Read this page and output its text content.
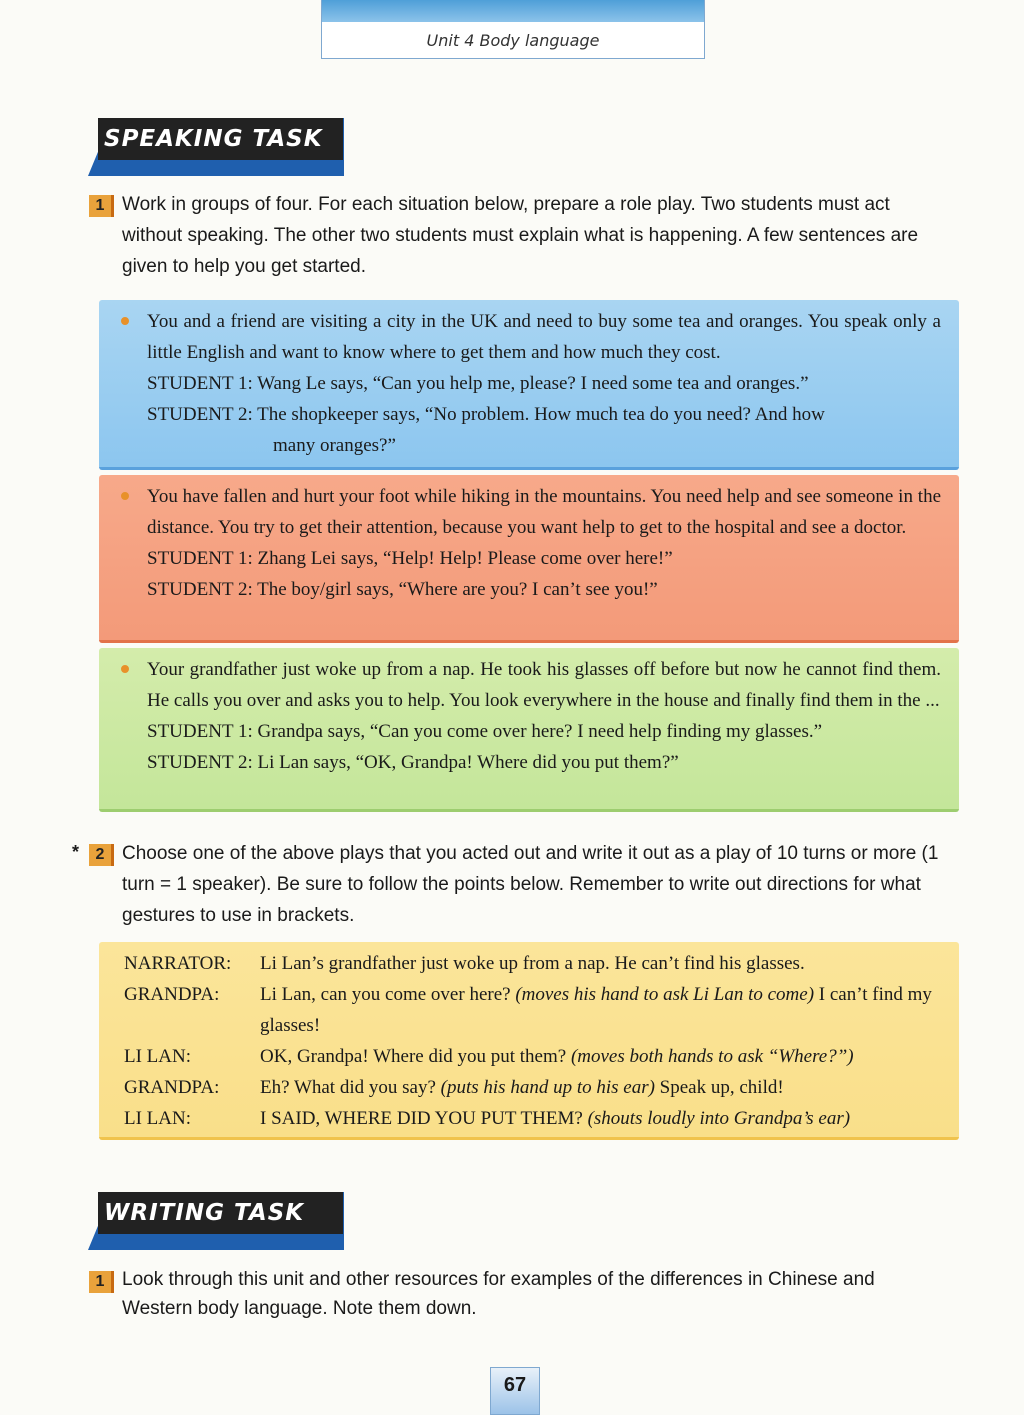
Unit 4 Body language
SPEAKING TASK
1 Work in groups of four. For each situation below, prepare a role play. Two students must act without speaking. The other two students must explain what is happening. A few sentences are given to help you get started.
You and a friend are visiting a city in the UK and need to buy some tea and oranges. You speak only a little English and want to know where to get them and how much they cost.
STUDENT 1: Wang Le says, “Can you help me, please? I need some tea and oranges.”
STUDENT 2: The shopkeeper says, “No problem. How much tea do you need? And how
many oranges?”
You have fallen and hurt your foot while hiking in the mountains. You need help and see someone in the distance. You try to get their attention, because you want help to get to the hospital and see a doctor.
STUDENT 1: Zhang Lei says, “Help! Help! Please come over here!”
STUDENT 2: The boy/girl says, “Where are you? I can’t see you!”
Your grandfather just woke up from a nap. He took his glasses off before but now he cannot find them. He calls you over and asks you to help. You look everywhere in the house and finally find them in the ...
STUDENT 1: Grandpa says, “Can you come over here? I need help finding my glasses.”
STUDENT 2: Li Lan says, “OK, Grandpa! Where did you put them?”
*	2 Choose one of the above plays that you acted out and write it out as a play of 10 turns or more (1 turn = 1 speaker). Be sure to follow the points below. Remember to write out directions for what gestures to use in brackets.
NARRATOR:	Li Lan’s grandfather just woke up from a nap. He can’t find his glasses.
GRANDPA:	Li Lan, can you come over here? (moves his hand to ask Li Lan to come) I can’t find my glasses!
LI LAN:	OK, Grandpa! Where did you put them? (moves both hands to ask “Where?”)
GRANDPA:	Eh? What did you say? (puts his hand up to his ear) Speak up, child!
LI LAN:	I SAID, WHERE DID YOU PUT THEM? (shouts loudly into Grandpa’s ear)
WRITING TASK
1 Look through this unit and other resources for examples of the differences in Chinese and Western body language. Note them down.
67
